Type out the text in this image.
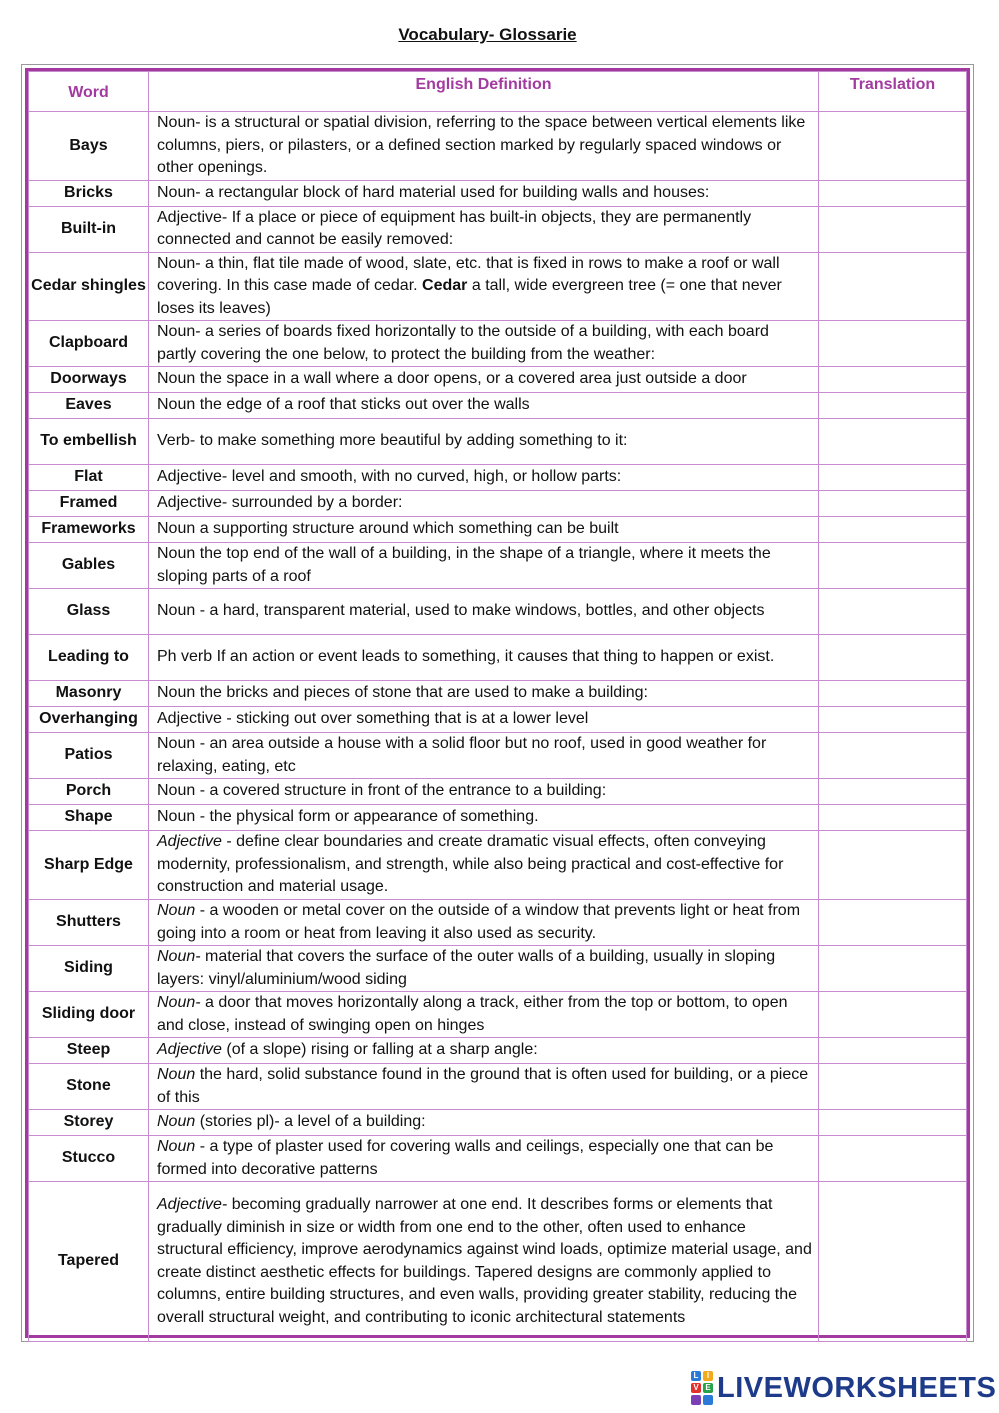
Vocabulary- Glossarie
Word	English Definition	Translation
Bays	Noun- is a structural or spatial division, referring to the space between vertical elements like columns, piers, or pilasters, or a defined section marked by regularly spaced windows or other openings.	
Bricks	Noun- a rectangular block of hard material used for building walls and houses:	
Built-in	Adjective- If a place or piece of equipment has built-in objects, they are permanently connected and cannot be easily removed:	
Cedar shingles	Noun- a thin, flat tile made of wood, slate, etc. that is fixed in rows to make a roof or wall covering. In this case made of cedar. Cedar a tall, wide evergreen tree (= one that never loses its leaves)	
Clapboard	Noun- a series of boards fixed horizontally to the outside of a building, with each board partly covering the one below, to protect the building from the weather:	
Doorways	Noun the space in a wall where a door opens, or a covered area just outside a door	
Eaves	Noun the edge of a roof that sticks out over the walls	
To embellish	Verb- to make something more beautiful by adding something to it:	
Flat	Adjective- level and smooth, with no curved, high, or hollow parts:	
Framed	Adjective- surrounded by a border:	
Frameworks	Noun a supporting structure around which something can be built	
Gables	Noun the top end of the wall of a building, in the shape of a triangle, where it meets the sloping parts of a roof	
Glass	Noun - a hard, transparent material, used to make windows, bottles, and other objects	
Leading to	Ph verb If an action or event leads to something, it causes that thing to happen or exist.	
Masonry	Noun the bricks and pieces of stone that are used to make a building:	
Overhanging	Adjective - sticking out over something that is at a lower level	
Patios	Noun - an area outside a house with a solid floor but no roof, used in good weather for relaxing, eating, etc	
Porch	Noun - a covered structure in front of the entrance to a building:	
Shape	Noun - the physical form or appearance of something.	
Sharp Edge	Adjective - define clear boundaries and create dramatic visual effects, often conveying modernity, professionalism, and strength, while also being practical and cost-effective for construction and material usage.	
Shutters	Noun - a wooden or metal cover on the outside of a window that prevents light or heat from going into a room or heat from leaving it also used as security.	
Siding	Noun- material that covers the surface of the outer walls of a building, usually in sloping layers: vinyl/aluminium/wood siding	
Sliding door	Noun- a door that moves horizontally along a track, either from the top or bottom, to open and close, instead of swinging open on hinges	
Steep	Adjective (of a slope) rising or falling at a sharp angle:	
Stone	Noun the hard, solid substance found in the ground that is often used for building, or a piece of this	
Storey	Noun (stories pl)- a level of a building:	
Stucco	Noun - a type of plaster used for covering walls and ceilings, especially one that can be formed into decorative patterns	
Tapered	Adjective- becoming gradually narrower at one end. It describes forms or elements that gradually diminish in size or width from one end to the other, often used to enhance structural efficiency, improve aerodynamics against wind loads, optimize material usage, and create distinct aesthetic effects for buildings. Tapered designs are commonly applied to columns, entire building structures, and even walls, providing greater stability, reducing the overall structural weight, and contributing to iconic architectural statements	
L	I
V E LIVEWORKSHEETS
